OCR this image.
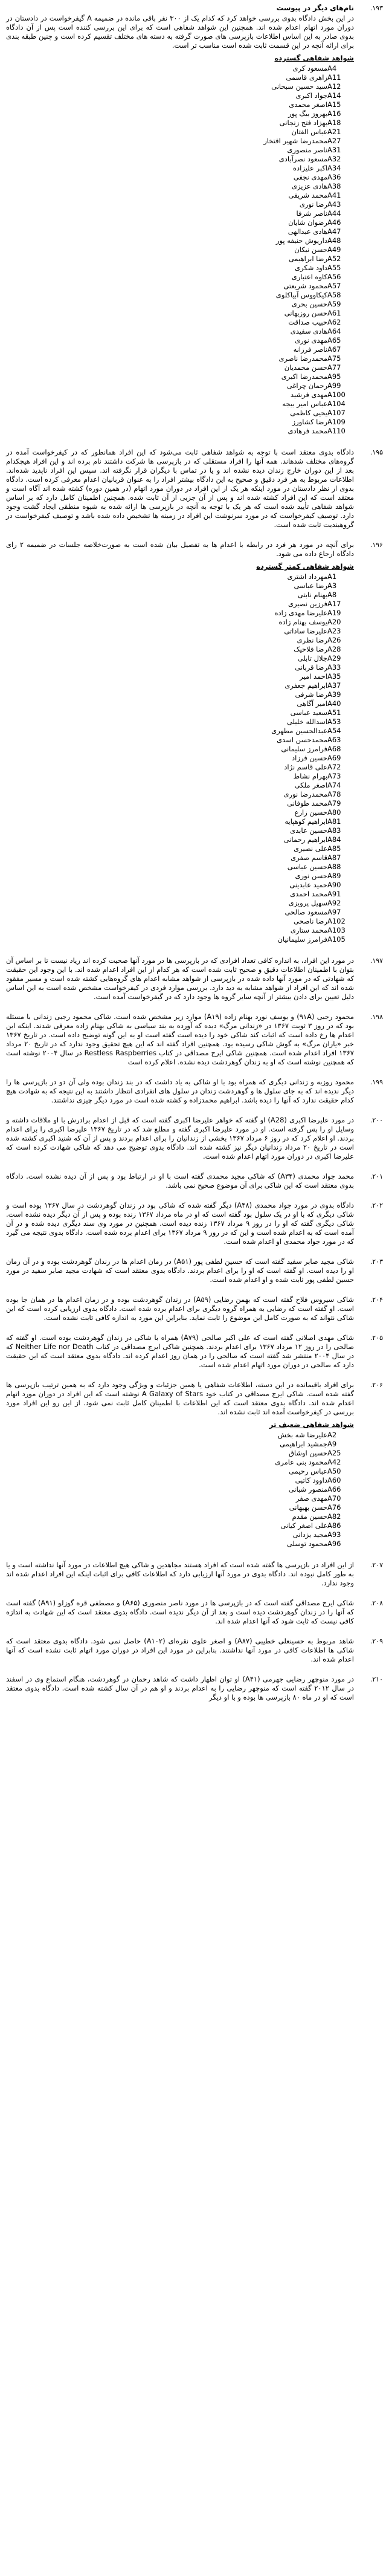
۱۹۳.
نام‌های دیگر در پیوست
در این بخش دادگاه بدوی بررسی خواهد کرد که کدام یک از ۳۰۰ نفر باقی مانده در ضمیمه A گیفرخواست ‏در دادستان در دوران مورد اتهام اعدام شده اند. همچنین این شواهد شفاهی است که برای این بررسی کننده ‏است پس از آن دادگاه بدوی صادر به این اساس اطلاعات بازپرسی های صورت گرفته به دسته های مختلف ‏تقسیم کرده است و چنین طبقه بندی برای ارائه آنچه در این قسمت ثابت شده است مناسب تر است.
شواهد شفاهی گسترده
A4
مسعود کری
A11
زاهری قاسمی
A12
سید حسین سبحانی
A14
جواد اکبری
A15
اصغر محمدی
A16
بهروز بیگ پور
A18
بهزاد فتح زنجانی
A21
عباس الفتان
A27
محمدرضا شهیر افتخار
A31
ناصر منصوری
A32
مسعود نصرآبادی
A34
اکبر علیزاده
A36
مهدی نجفی
A38
هادی عزیزی
A41
محمد شریفی
A43
رضا نوری
A44
ناصر شرفا
A46
رضوان شایان
A47
هادی عبدالهی
A48
داریوش حنیفه پور
A49
حسن نیکان
A52
رضا ابراهیمی
A55
داود شکری
A56
کاوه اعتباری
A57
محمود شریعتی
A58
کیکاووس آبیاکلوی
A59
حسین بحری
A61
حسن روزبهانی
A62
حبیب صداقت
A64
هادی سفیدی
A65
مهدی نوری
A67
ناصر فرزانه
A75
محمدرضا ناصری
A77
حسن محمدیان
A95
محمدرضا اکبری
A99
رحمان چراغی
A100
مهدی فرشید
A104
عباس امیر بیجه
A107
یحیی کاظمی
A109
رضا کشاورز
A110
محمد فرهادی
۱۹۵.
دادگاه بدوی معتقد است با توجه به شواهد شفاهی ثابت می‌شود که این افراد همانطور که در کیفرخواست ‏آمده در گروه‌های مختلف شدهاند. همه آنها را افراد مستقلی که در بازپرسی ها شرکت داشتند نام برده ‏اند و این افراد هیچکدام بعد از این دوران خارج زندان دیده نشده اند و یا در تماس با دیگران قرار نگرفته ‏اند. سپس این افراد ناپدید شده‌اند. اطلاعات مربوط به هر فرد دقیق و صحیح به این دادگاه بیشتر افراد ‏را به عنوان قربانیان اعدام معرفی کرده است. دادگاه بدوی از نظر دادستان در مورد اینکه هر یک از این ‏افراد در دوران مورد اتهام (در همین دوره) کشته شده اند آگاه است و معتقد است که این افراد کشته شده ‏اند و پس از آن جزیی از آن ثابت شده. همچنین اطمینان کامل دارد که بر اساس شواهد شفاهی تأیید شده ‏است که هر یک با توجه به آنچه در بازپرسی ها ارائه شده به شیوه منطقی ایجاد گشت وجود ‏دارد. توصیف کیفرخواست که در مورد سرنوشت این افراد در زمینه ها تشخیص داده شده باشد و ‏توصیف کیفرخواست در گروهبندیت ثابت شده است.
۱۹۶.
برای آنچه در مورد هر فرد در رابطه با اعدام ها به تفصیل بیان شده است به صورت‌خلاصه جلسات در ‏ضمیمه ۲ رای دادگاه ارجاع داده می شود.
شواهد شفاهی کمتر گسترده
A1
مهرداد اشتری
A3
رضا عباسی
A8
بهنام نابتی
A17
فرزین نصیری
A19
علیرضا مهدی زاده
A20
یوسف بهنام زاده
A23
علیرضا ساداتی
A26
رضا نظری
A28
رضا فلاحیک
A29
جلال تابلی
A33
رضا قربانی
A35
احمد امیر
A37
ابراهیم جعفری
A39
رضا شرفی
A40
امیر آگاهی
A51
سعید عباسی
A53
اسدالله خلیلی
A54
عبدالحسین مطهری
A63
محمدحسن اسدی
A68
فرامرز سلیمانی
A69
حسین فرزاد
A72
علی قاسم نژاد
A73
بهرام نشاط
A74
اصغر ملکی
A78
محمدرضا نوری
A79
محمد طوفانی
A80
حسین زارع
A81
ابراهیم کوهپایه
A83
حسین عابدی
A84
ابراهیم رحمانی
A85
علی نصیری
A87
قاسم صفری
A88
حسین عباسی
A89
حسن نوری
A90
حمید عابدینی
A91
محمد احمدی
A92
سهیل پرویزی
A97
مسعود صالحی
A102
رضا ناصحی
A103
محمد ستاری
A105
فرامرز سلیمانیان
۱۹۷.
در مورد این افراد، به اندازه کافی تعداد افرادی که در بازپرسی ها در مورد آنها صحبت کرده اند زیاد ‏نیست تا بر اساس آن بتوان با اطمینان اطلاعات دقیق و صحیح ثابت شده است که هر کدام از این افراد ‏اعدام شده اند. با این وجود این حقیقت که شهادتی که در مورد آنها داده شده در بازپرسی از شواهد مشابه ‏اعدام های گروه‌هایی کشته شده است و مسیر مفقود شده اند که این افراد از شواهد مشابه به دید ‏دارد. بررسی موارد فردی در کیفرخواست مشخص شده است به این اساس دلیل تعیین برای دادن بیشتر ‏از آنچه سایر گروه ها وجود دارد که در گیفرخواست آمده است.
۱۹۸.
محمود رجبی (۹۱A) و یوسف نورد بهنام زاده (A۱۹) موارد زیر مشخص شده است. شاکی محمود ‏رجبی زندانی با مسئله بود که در روز ۳ ثوبت ۱۳۶۷ در «زندانی مرگ» دیده که آورده به بند سیاسی به ‏شاکی بهنام زاده معرفی شدند. اینکه این اعدام ها رخ داده است که اثبات کند شاکی خود را دیده است گفته ‏است او به این گونه توضیح داده است. در تاریخ ۱۳۶۷ خبر «یاران مرگ» به گوش شاکی رسیده بود. همچنین ‏افراد گفته اند که این هیچ تحقیق وجود ندارد که در تاریخ ۲۰ مرداد ۱۳۶۷ افراد اعدام شده است. ‏همچنین شاکی ایرج مصداقی در کتاب Restless Raspberries در سال ۲۰۰۴ نوشته است که ‏همچنین نوشته است که او به زندان گوهردشت دیده نشده. ‏اعلام کرده است
۱۹۹.
محمود روزبه و زندانی دیگری که همراه بود با او شاکی به یاد داشت که در بند زندان بوده ولی آن دو ‏در بازپرسی ها را دیگر ندیده اند که به جای سلول ها و گوهردشت زندان در سلول های انفرادی ‏انتظار داشتند به این نتیجه که به شهادت هیچ کدام حقیقت ندارد که آنها را دیده باشد. ابراهیم ‏محمدزاده و کشته شده است در مورد دیگر چیزی نداشتند.
۲۰۰.
در مورد علیرضا اکبری (A28) او گفته که خواهر علیرضا اکبری گفته است که قبل از اعدام برادرش ‏با او ملاقات داشته و وسایل او را پس گرفته است. او در مورد علیرضا اکبری گفته و مطلع شد که در ‏تاریخ ۱۳۶۷ علیرضا اکبری را برای اعدام بردند. او اعلام کرد که در روز ۶ مرداد ۱۳۶۷ بخشی از ‏زندانیان را برای اعدام بردند و پس از آن که شنید اکبری کشته شده است در تاریخ ۲۰ مرداد ‏زندانیان دیگر نیز کشته شده اند. دادگاه بدوی توضیح می دهد که شاکی شهادت کرده است که ‏علیرضا اکبری در دوران مورد اتهام اعدام شده است.
۲۰۱.
محمد جواد محمدی (A۳۴) که شاکی مجید محمدی گفته است با او در ارتباط بود و پس از آن دیده ‏نشده است. دادگاه بدوی معتقد است که این شاکی برای آن موضوع صحیح نمی باشد.
۲۰۲.
دادگاه بدوی در مورد جواد محمدی (A۴۸) دیگر گفته شده که شاکی بود در زندان گوهردشت در ‏سال ۱۳۶۷ بوده است و شاکی دیگری که با او در یک سلول بود گفته است که او در ماه مرداد ۱۳۶۷ ‏زنده بوده و پس از آن دیگر دیده نشده است. شاکی دیگری گفته که او را در روز ۹ مرداد ۱۳۶۷ زنده ‏دیده است. همچنین در مورد وی سند دیگری دیده شده و در آن آمده است که به اعدام شده است و ‏این که در روز ۹ مرداد ۱۳۶۷ برای اعدام برده شده است. دادگاه بدوی نتیجه می گیرد که در مورد ‏جواد محمدی او اعدام شده است.
۲۰۳.
شاکی مجید صابر سفید گفته است که حسین لطفی پور (A۵۱) در زمان اعدام ها در زندان ‏گوهردشت بوده و در آن زمان او را دیده است. او گفته است که او را برای اعدام بردند. دادگاه بدوی ‏معتقد است که شهادت مجید صابر سفید در مورد حسین لطفی پور ثابت شده و او اعدام شده است.
۲۰۴.
شاکی سیروس فلاح گفته است که بهمن رضایی (A۵۹) در زندان گوهردشت بوده و در زمان ‏اعدام ها در همان جا بوده است. او گفته است که رضایی به همراه گروه دیگری برای اعدام برده شده ‏است. دادگاه بدوی ارزیابی کرده است که این شاکی نتواند که به صورت کامل این موضوع را ثابت ‏نماید. بنابراین این مورد به اندازه کافی ثابت نشده است.
۲۰۵.
شاکی مهدی اصلانی گفته است که علی اکبر صالحی (A۷۹) همراه با شاکی در زندان گوهردشت ‏بوده است. او گفته که صالحی را در روز ۱۲ مرداد ۱۳۶۷ برای اعدام بردند. همچنین شاکی ایرج ‏مصداقی در کتاب Neither Life nor Death که در سال ۲۰۰۴ منتشر شد گفته است که صالحی را ‏در همان روز اعدام کرده اند. دادگاه بدوی معتقد است که این حقیقت دارد که صالحی در دوران ‏مورد اتهام اعدام شده است.
۲۰۶.
برای افراد باقیمانده در این دسته، اطلاعات شفاهی یا همین جزئیات و ویژگی وجود دارد که به همین ترتیب ‏بازپرسی ها گفته شده است. شاکی ایرج مصداقی در کتاب خود A Galaxy of Stars نوشته است ‏که این افراد در دوران مورد اتهام اعدام شده اند. دادگاه بدوی معتقد است که این اطلاعات با اطمینان ‏کامل ثابت نمی شود. از این رو این افراد مورد بررسی در کیفرخواست آمده اند ثابت نشده اند.
شواهد شفاهی ضعیف تر
A2
علیرضا شه بخش
A9
جمشید ابراهیمی
A25
حسین اوشاق
A42
محمود بنی عامری
A50
عباس رحیمی
A60
داوود کاتبی
A66
منصور شبانی
A70
مهدی صفر
A76
حسن بهبهانی
A82
حسین مقدم
A86
علی اصغر کیانی
A93
مجید یزدانی
A96
محمود توسلی
۲۰۷.
از این افراد در بازپرسی ها گفته شده است که افراد هستند مجاهدین و شاکی هیچ اطلاعات در ‏مورد آنها نداشته است و یا به طور کامل نبوده اند. دادگاه بدوی در مورد آنها ارزیابی دارد که ‏اطلاعات کافی برای اثبات اینکه این افراد اعدام شده اند وجود ندارد.
۲۰۸.
شاکی ایرج مصداقی گفته است که در بازپرسی ها در مورد ناصر منصوری (A۶۵) و مصطفی قره ‏گوزلو (A۹۱) گفته است که آنها را در زندان گوهردشت دیده است و بعد از آن دیگر ندیده ‏است. دادگاه بدوی معتقد است که این شهادت به اندازه کافی نیست که ثابت شود که آنها اعدام ‏شده اند.
۲۰۹.
شاهد مربوط به حسینعلی خطیبی (A۸۷) و اصغر علوی نقره‌ای (A۱۰۲) حاصل نمی شود. ‏دادگاه بدوی معتقد است که شاکی ها اطلاعات کافی در مورد آنها نداشتند. بنابراین در مورد این افراد ‏در دوران مورد اتهام ثابت نشده است که آنها اعدام شده اند.
۲۱۰.
در مورد منوچهر رضایی جهرمی (A۴۱) او توان اظهار داشت که شاهد رحمان در گوهردشت، هنگام ‏استماع وی در اسفند در سال ۲۰۱۲ گفته است که منوچهر رضایی را به ‏اعدام بردند و او هم در آن سال کشته شده است. دادگاه بدوی معتقد است که او در ماه ۸۰ بازپرسی ها ‏بوده و با او دیگر
